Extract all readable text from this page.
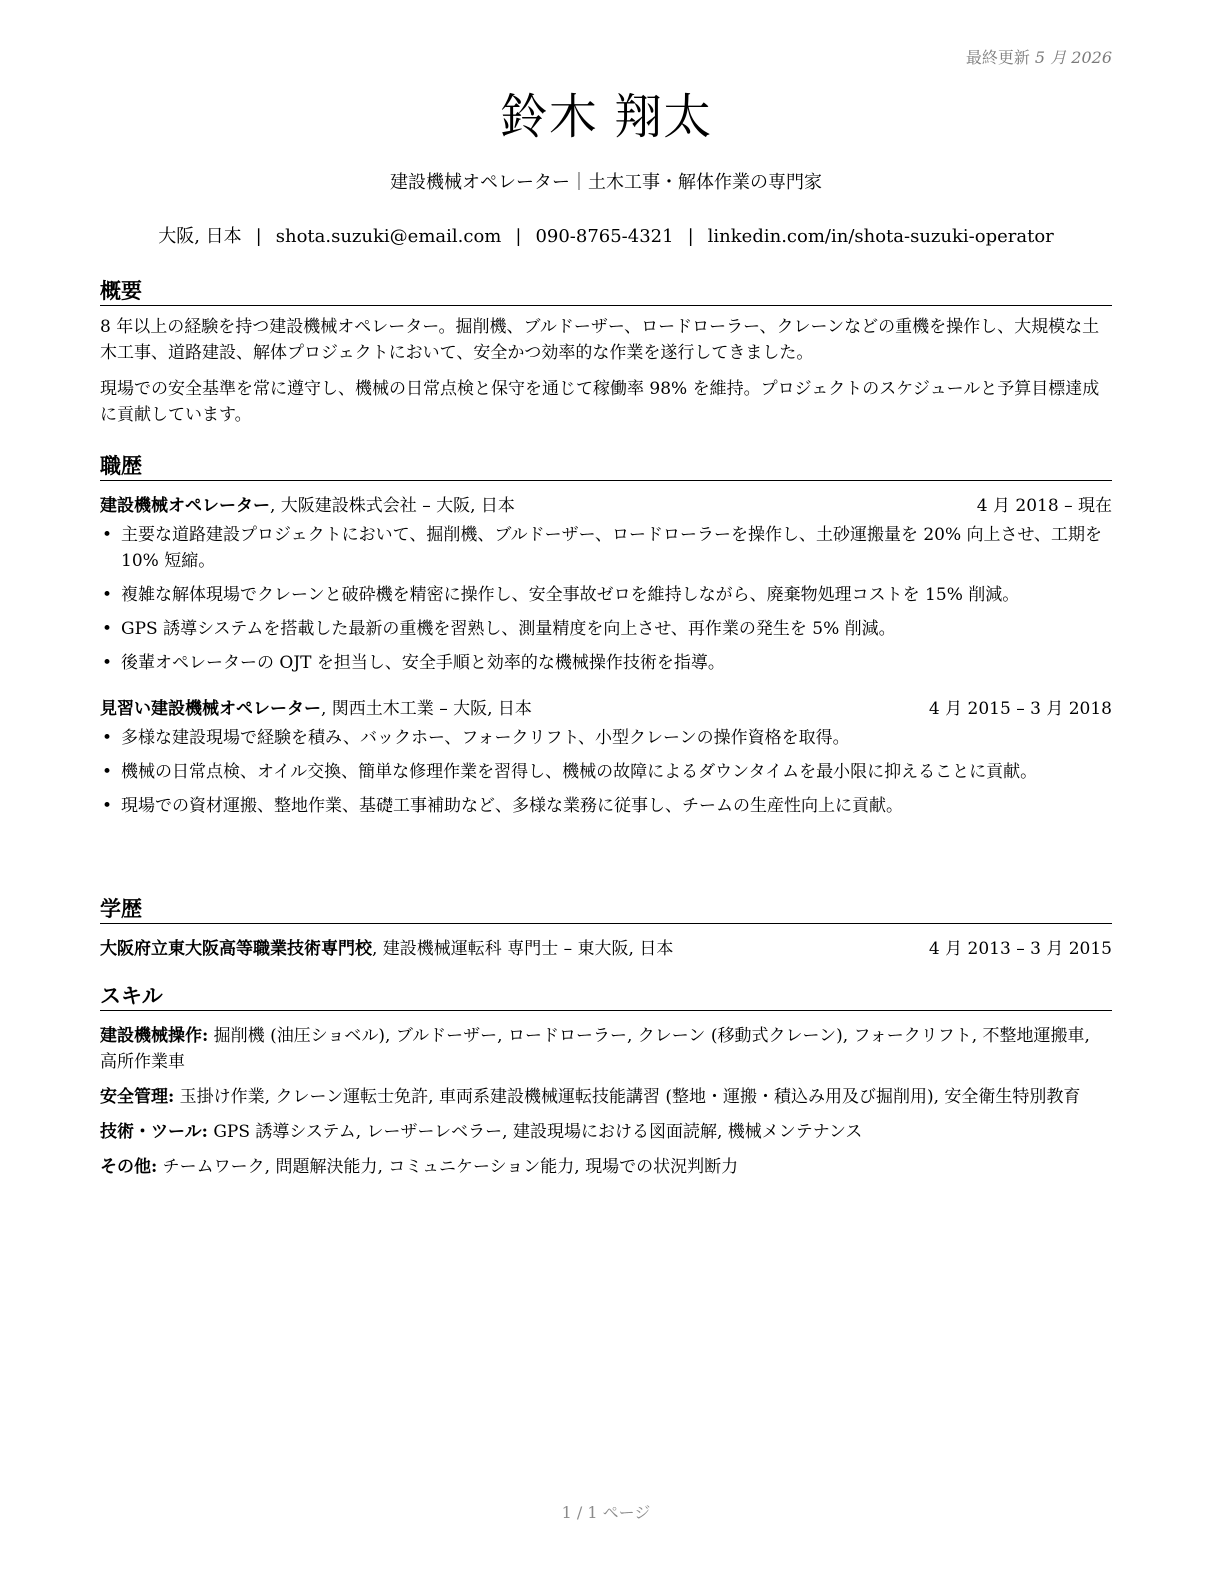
最終更新 5 月 2026
鈴木 翔太
建設機械オペレーター｜土木工事・解体作業の専門家
大阪, 日本 | shota.suzuki@email.com | 090-8765-4321 | linkedin.com/in/shota-suzuki-operator
概要

8 年以上の経験を持つ建設機械オペレーター。掘削機、ブルドーザー、ロードローラー、クレーンなどの重機を操作し、大規模な土木工事、道路建設、解体プロジェクトにおいて、安全かつ効率的な作業を遂行してきました。

現場での安全基準を常に遵守し、機械の日常点検と保守を通じて稼働率 98% を維持。プロジェクトのスケジュールと予算目標達成に貢献しています。

職歴
建設機械オペレーター, 大阪建設株式会社 – 大阪, 日本	4 月 2018 – 現在
• 主要な道路建設プロジェクトにおいて、掘削機、ブルドーザー、ロードローラーを操作し、土砂運搬量を 20% 向上させ、工期を 10% 短縮。
• 複雑な解体現場でクレーンと破砕機を精密に操作し、安全事故ゼロを維持しながら、廃棄物処理コストを 15% 削減。
• GPS 誘導システムを搭載した最新の重機を習熟し、測量精度を向上させ、再作業の発生を 5% 削減。
• 後輩オペレーターの OJT を担当し、安全手順と効率的な機械操作技術を指導。
見習い建設機械オペレーター, 関西土木工業 – 大阪, 日本	4 月 2015 – 3 月 2018
• 多様な建設現場で経験を積み、バックホー、フォークリフト、小型クレーンの操作資格を取得。
• 機械の日常点検、オイル交換、簡単な修理作業を習得し、機械の故障によるダウンタイムを最小限に抑えることに貢献。
• 現場での資材運搬、整地作業、基礎工事補助など、多様な業務に従事し、チームの生産性向上に貢献。
学歴
大阪府立東大阪高等職業技術専門校, 建設機械運転科 専門士 – 東大阪, 日本	4 月 2013 – 3 月 2015
スキル

建設機械操作: 掘削機 (油圧ショベル), ブルドーザー, ロードローラー, クレーン (移動式クレーン), フォークリフト, 不整地運搬車, 高所作業車

安全管理: 玉掛け作業, クレーン運転士免許, 車両系建設機械運転技能講習 (整地・運搬・積込み用及び掘削用), 安全衛生特別教育

技術・ツール: GPS 誘導システム, レーザーレベラー, 建設現場における図面読解, 機械メンテナンス

その他: チームワーク, 問題解決能力, コミュニケーション能力, 現場での状況判断力

1 / 1 ページ
